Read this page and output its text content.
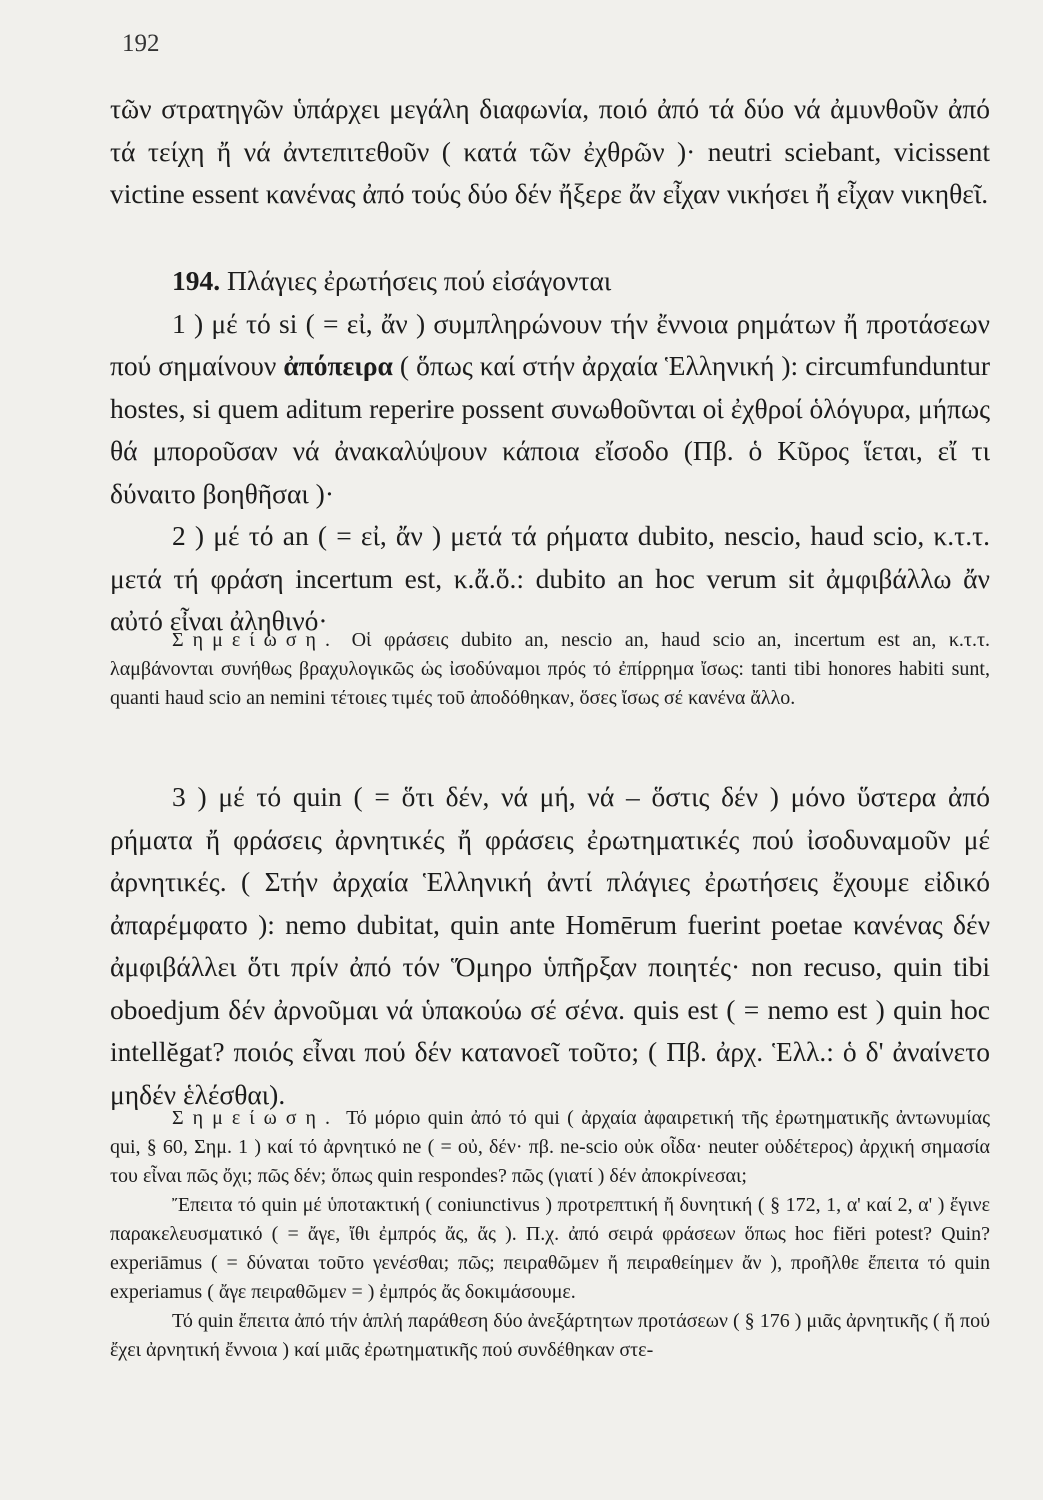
192

τῶν στρατηγῶν ὑπάρχει μεγάλη διαφωνία, ποιό ἀπό τά δύο νά ἀμυνθοῦν ἀπό τά τείχη ἤ νά ἀντεπιτεθοῦν ( κατά τῶν ἐχθρῶν )· neutri sciebant, vicissent victine essent κανένας ἀπό τούς δύο δέν ἤξερε ἄν εἶχαν νικήσει ἤ εἶχαν νικηθεῖ.

194. Πλάγιες ἐρωτήσεις πού εἰσάγονται

1 ) μέ τό si ( = εἰ, ἄν ) συμπληρώνουν τήν ἔννοια ρημάτων ἤ προτάσεων πού σημαίνουν ἀπόπειρα ( ὅπως καί στήν ἀρχαία Ἑλληνική ): circumfunduntur hostes, si quem aditum reperire possent συνωθοῦνται οἱ ἐχθροί ὁλόγυρα, μήπως θά μποροῦσαν νά ἀνακαλύψουν κάποια εἴσοδο (Πβ. ὁ Κῦρος ἵεται, εἴ τι δύναιτο βοηθῆσαι )·

2 ) μέ τό an ( = εἰ, ἄν ) μετά τά ρήματα dubito, nescio, haud scio, κ.τ.τ. μετά τή φράση incertum est, κ.ἄ.ὅ.: dubito an hoc verum sit ἀμφιβάλλω ἄν αὐτό εἶναι ἀληθινό·

Σημείωση. Οἱ φράσεις dubito an, nescio an, haud scio an, incertum est an, κ.τ.τ. λαμβάνονται συνήθως βραχυλογικῶς ὡς ἰσοδύναμοι πρός τό ἐπίρρημα ἴσως: tanti tibi honores habiti sunt, quanti haud scio an nemini τέτοιες τιμές τοῦ ἀποδόθηκαν, ὅσες ἴσως σέ κανένα ἄλλο.

3 ) μέ τό quin ( = ὅτι δέν, νά μή, νά – ὅστις δέν ) μόνο ὕστερα ἀπό ρήματα ἤ φράσεις ἀρνητικές ἤ φράσεις ἐρωτηματικές πού ἰσοδυναμοῦν μέ ἀρνητικές. ( Στήν ἀρχαία Ἑλληνική ἀντί πλάγιες ἐρωτήσεις ἔχουμε εἰδικό ἀπαρέμφατο ): nemo dubitat, quin ante Homērum fuerint poetae κανένας δέν ἀμφιβάλλει ὅτι πρίν ἀπό τόν Ὅμηρο ὑπῆρξαν ποιητές· non recuso, quin tibi oboedjum δέν ἀρνοῦμαι νά ὑπακούω σέ σένα. quis est ( = nemo est ) quin hoc intellĕgat? ποιός εἶναι πού δέν κατανοεῖ τοῦτο; ( Πβ. ἀρχ. Ἑλλ.: ὁ δ' ἀναίνετο μηδέν ἑλέσθαι).

Σημείωση. Τό μόριο quin ἀπό τό qui ( ἀρχαία ἀφαιρετική τῆς ἐρωτηματικῆς ἀντωνυμίας qui, § 60, Σημ. 1 ) καί τό ἀρνητικό ne ( = οὐ, δέν· πβ. ne-scio οὐκ οἶδα· neuter οὐδέτερος) ἀρχική σημασία του εἶναι πῶς ὄχι; πῶς δέν; ὅπως quin respondes? πῶς (γιατί ) δέν ἀποκρίνεσαι;

Ἔπειτα τό quin μέ ὑποτακτική ( coniunctivus ) προτρεπτική ἤ δυνητική ( § 172, 1, α' καί 2, α' ) ἔγινε παρακελευσματικό ( = ἄγε, ἴθι ἐμπρός ἄς, ἄς ). Π.χ. ἀπό σειρά φράσεων ὅπως hoc fiĕri potest? Quin? experiāmus ( = δύναται τοῦτο γενέσθαι; πῶς; πειραθῶμεν ἤ πειραθείημεν ἄν ), προῆλθε ἔπειτα τό quin experiamus ( ἄγε πειραθῶμεν = ) ἐμπρός ἄς δοκιμάσουμε.

Τό quin ἔπειτα ἀπό τήν ἁπλή παράθεση δύο ἀνεξάρτητων προτάσεων ( § 176 ) μιᾶς ἀρνητικῆς ( ἤ πού ἔχει ἀρνητική ἔννοια ) καί μιᾶς ἐρωτηματικῆς πού συνδέθηκαν στε-
